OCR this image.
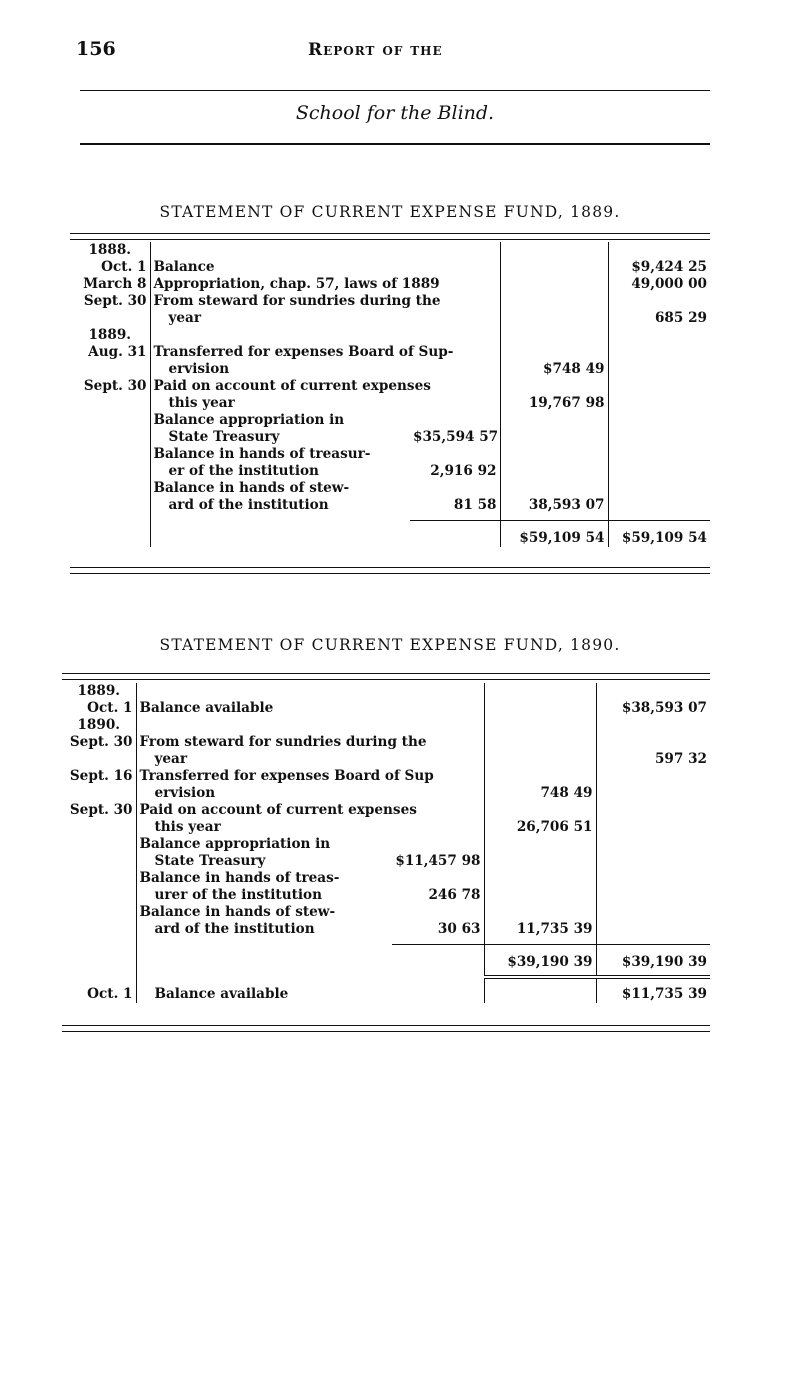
156	Report of the
School for the Blind.
STATEMENT OF CURRENT EXPENSE FUND, 1889.
1888.				
Oct. 1	Balance			$9,424 25
March 8	Appropriation, chap. 57, laws of 1889			49,000 00
Sept. 30	From steward for sundries during the			
	year			685 29
1889.				
Aug. 31	Transferred for expenses Board of Sup-			
	ervision		$748 49	
Sept. 30	Paid on account of current expenses			
	this year		19,767 98	
	Balance appropriation in			
	State Treasury	$35,594 57		
	Balance in hands of treasur-			
	er of the institution	2,916 92		
	Balance in hands of stew-			
	ard of the institution	81 58	38,593 07	

			$59,109 54	$59,109 54
STATEMENT OF CURRENT EXPENSE FUND, 1890.
1889.				
Oct. 1	Balance available			$38,593 07
1890.				
Sept. 30	From steward for sundries during the			
	year			597 32
Sept. 16	Transferred for expenses Board of Sup			
	ervision		748 49	
Sept. 30	Paid on account of current expenses			
	this year		26,706 51	
	Balance appropriation in			
	State Treasury	$11,457 98		
	Balance in hands of treas-			
	urer of the institution	246 78		
	Balance in hands of stew-			
	ard of the institution	30 63	11,735 39	

			$39,190 39	$39,190 39

Oct. 1	Balance available			$11,735 39
